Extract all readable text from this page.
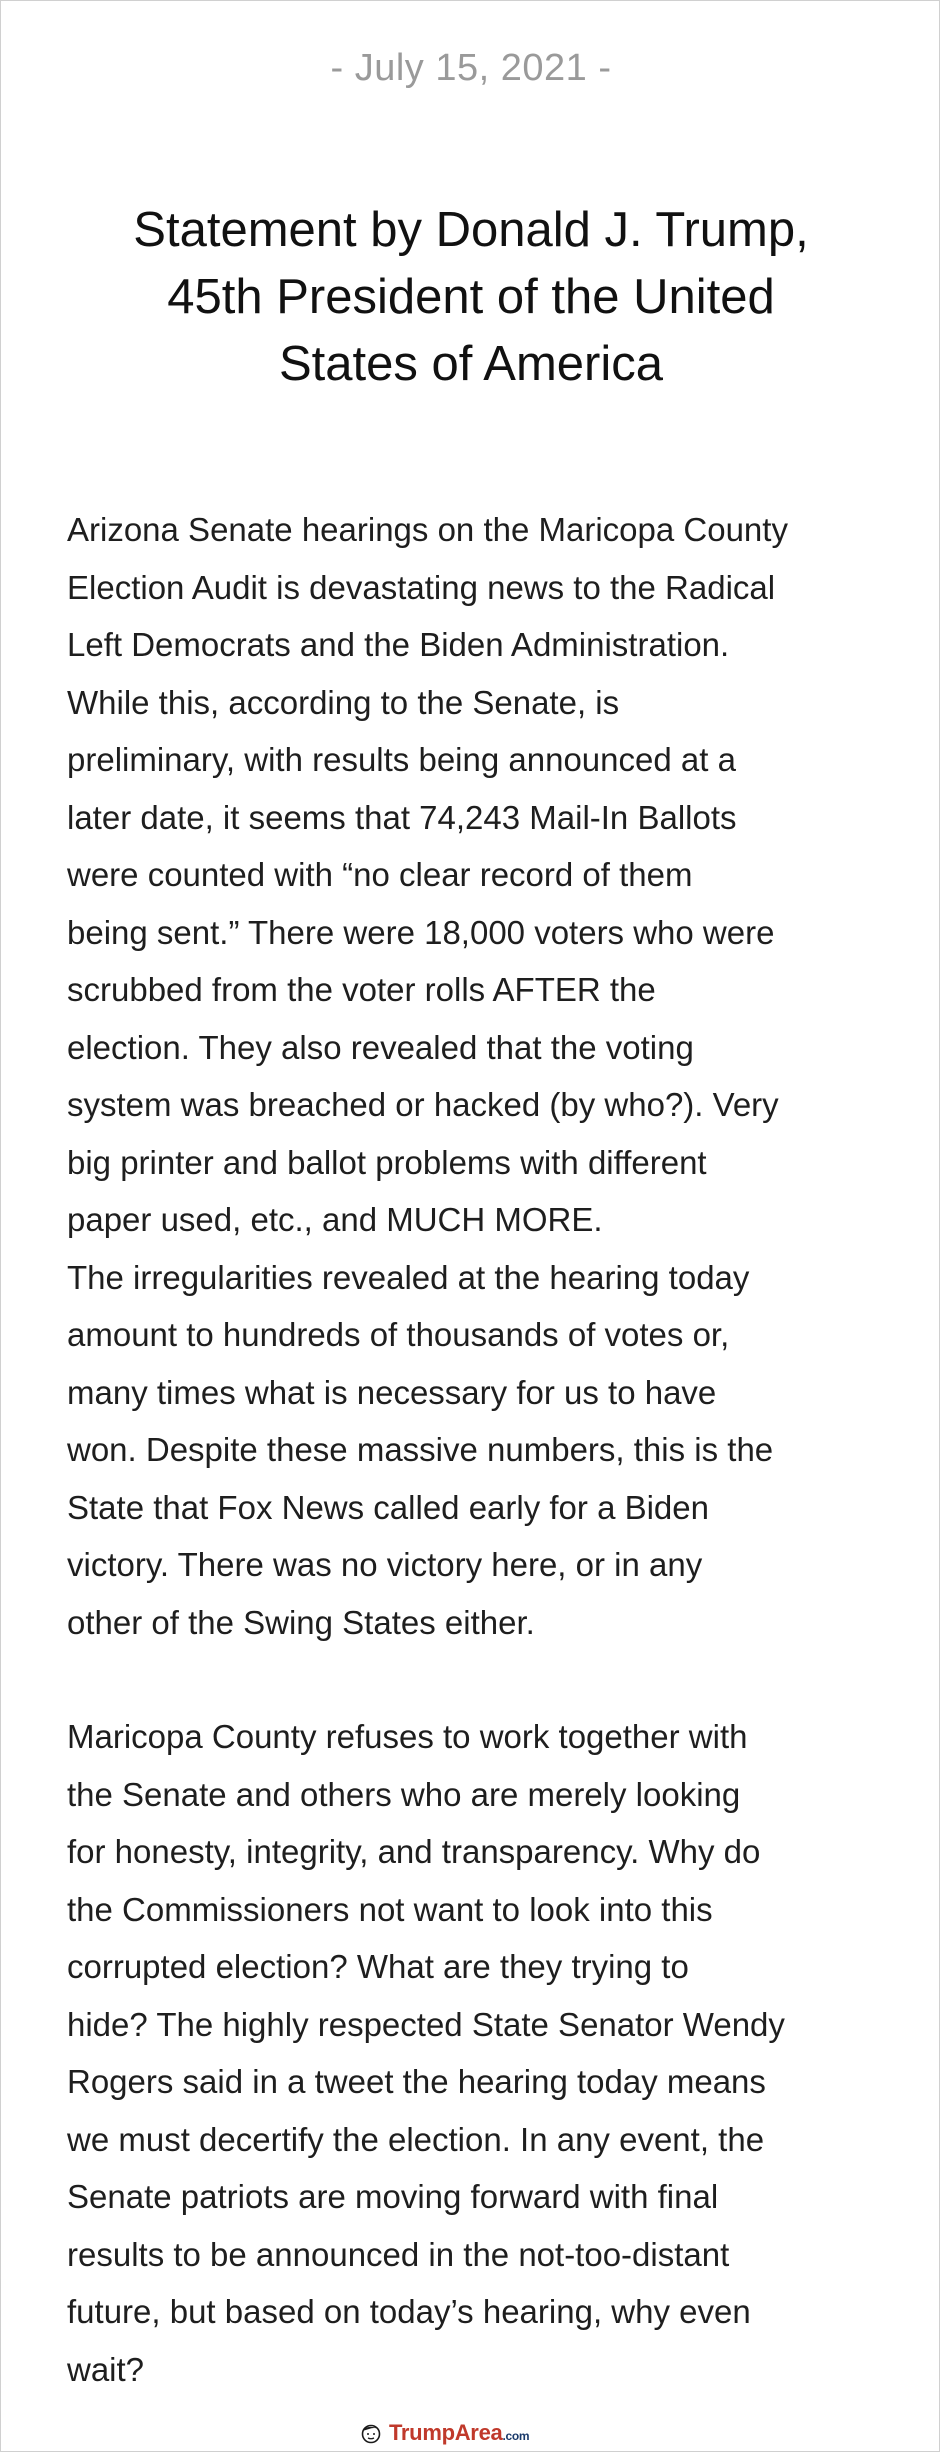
- July 15, 2021 -
Statement by Donald J. Trump,
45th President of the United
States of America

Arizona Senate hearings on the Maricopa County
Election Audit is devastating news to the Radical
Left Democrats and the Biden Administration.
While this, according to the Senate, is
preliminary, with results being announced at a
later date, it seems that 74,243 Mail-In Ballots
were counted with “no clear record of them
being sent.” There were 18,000 voters who were
scrubbed from the voter rolls AFTER the
election. They also revealed that the voting
system was breached or hacked (by who?). Very
big printer and ballot problems with different
paper used, etc., and MUCH MORE.

The irregularities revealed at the hearing today
amount to hundreds of thousands of votes or,
many times what is necessary for us to have
won. Despite these massive numbers, this is the
State that Fox News called early for a Biden
victory. There was no victory here, or in any
other of the Swing States either.

Maricopa County refuses to work together with
the Senate and others who are merely looking
for honesty, integrity, and transparency. Why do
the Commissioners not want to look into this
corrupted election? What are they trying to
hide? The highly respected State Senator Wendy
Rogers said in a tweet the hearing today means
we must decertify the election. In any event, the
Senate patriots are moving forward with final
results to be announced in the not-too-distant
future, but based on today’s hearing, why even
wait?

TrumpArea.com
